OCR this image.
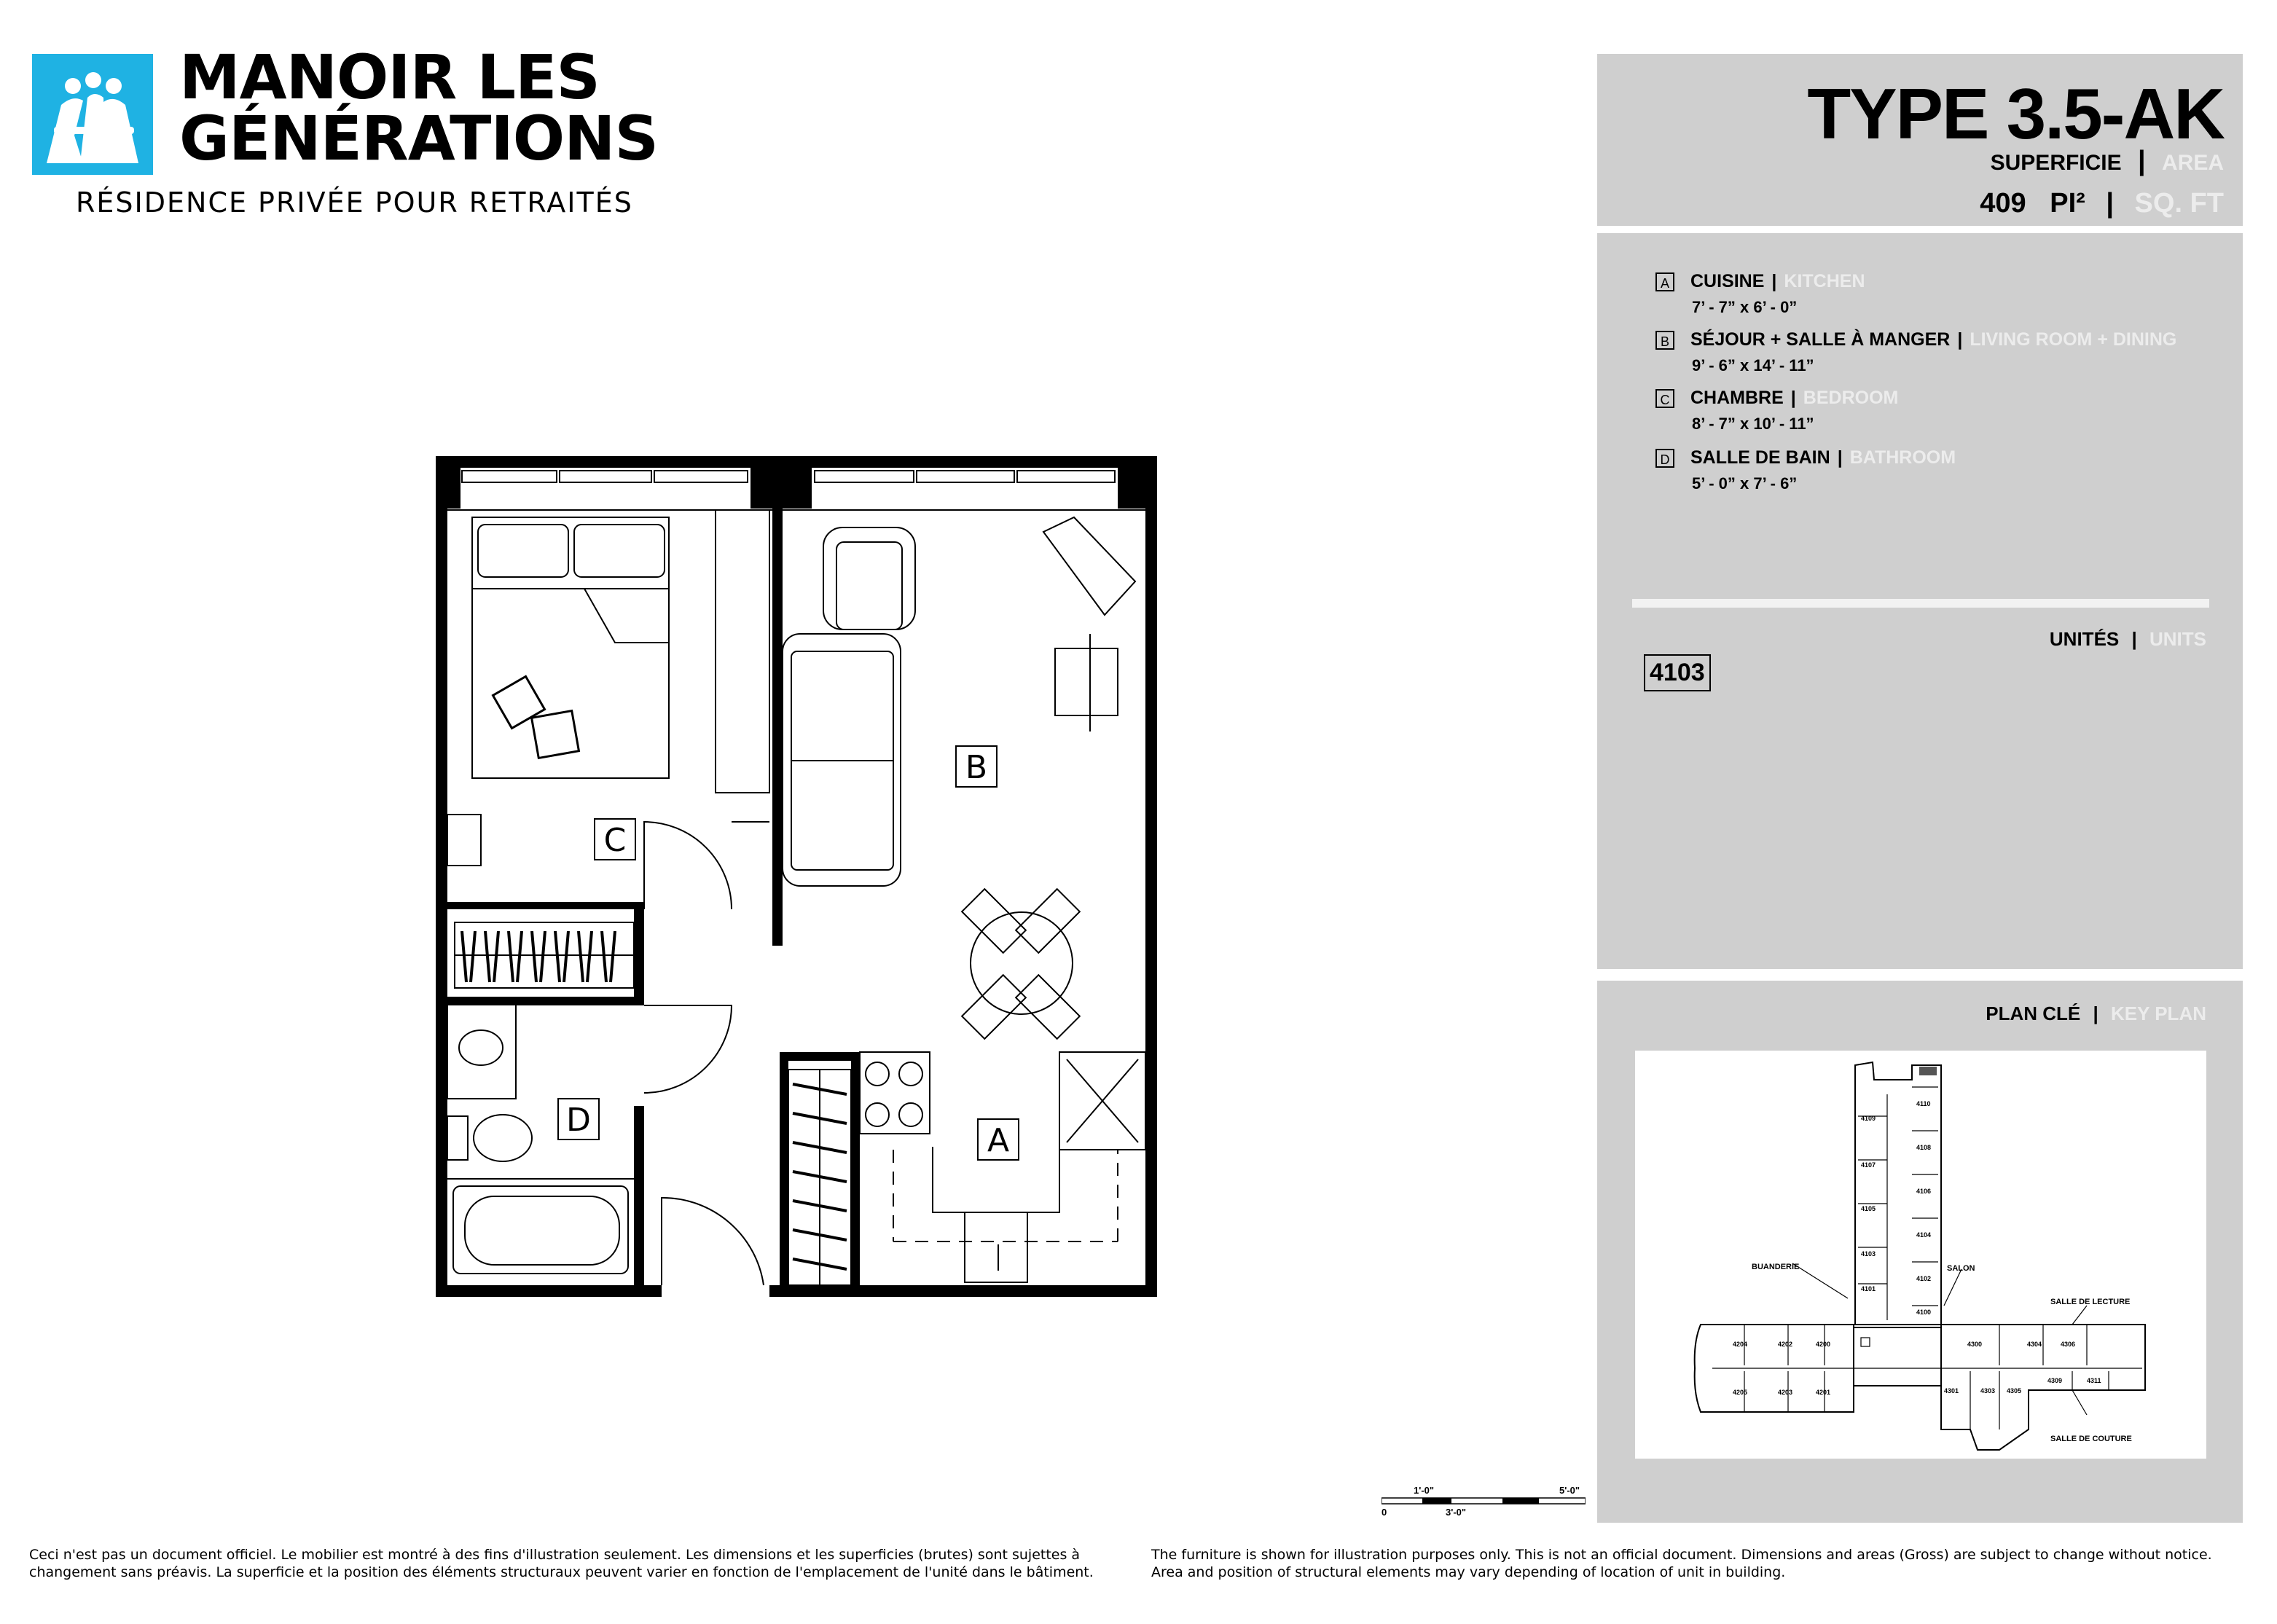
MANOIR LES
GÉNÉRATIONS
RÉSIDENCE PRIVÉE POUR RETRAITÉS
TYPE 3.5-AK
SUPERFICIE | AREA
409 PI² | SQ. FT
A CUISINE | KITCHEN
7’ - 7” x 6’ - 0”
B SÉJOUR + SALLE À MANGER | LIVING ROOM + DINING
9’ - 6” x 14’ - 11”
C CHAMBRE | BEDROOM
8’ - 7” x 10’ - 11”
D SALLE DE BAIN | BATHROOM
5’ - 0” x 7’ - 6”
UNITÉS | UNITS
4103
PLAN CLÉ | KEY PLAN
4109
4107
4105
4103
4101
4110
4108
4106
4104
4102
4100
4204	4202	4200
4205	4203	4201
4300	4304	4306
4301	4303 4305
4309	4311
BUANDERIE	SALON
SALLE DE LECTURE
SALLE DE COUTURE
B
C
D
A
1'-0"	5'-0"
0	3'-0"
Ceci n'est pas un document officiel. Le mobilier est montré à des fins d'illustration seulement. Les dimensions et les superficies (brutes) sont sujettes à changement sans préavis. La superficie et la position des éléments structuraux peuvent varier en fonction de l'emplacement de l'unité dans le bâtiment.
The furniture is shown for illustration purposes only. This is not an official document. Dimensions and areas (Gross) are subject to change without notice. Area and position of structural elements may vary depending of location of unit in building.
